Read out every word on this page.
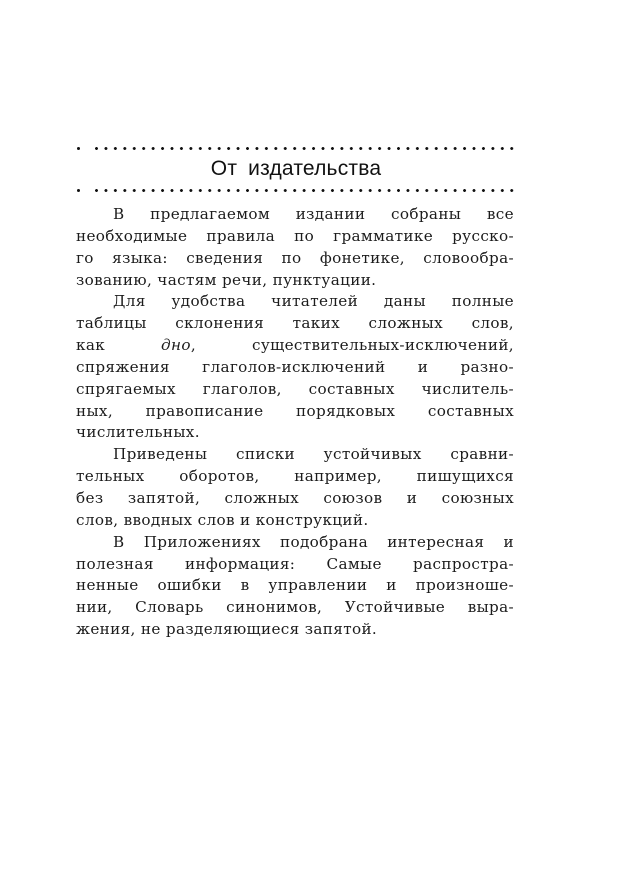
От издательства
В предлагаемом издании собраны все
необходимые правила по грамматике русско-
го языка: сведения по фонетике, словообра-
зованию, частям речи, пунктуации.
Для удобства читателей даны полные
таблицы склонения таких сложных слов,
как дно, существительных-исключений,
спряжения глаголов-исключений и разно-
спрягаемых глаголов, составных числитель-
ных, правописание порядковых составных
числительных.
Приведены списки устойчивых сравни-
тельных оборотов, например, пишущихся
без запятой, сложных союзов и союзных
слов, вводных слов и конструкций.
В Приложениях подобрана интересная и
полезная информация: Самые распростра-
ненные ошибки в управлении и произноше-
нии, Словарь синонимов, Устойчивые выра-
жения, не разделяющиеся запятой.
